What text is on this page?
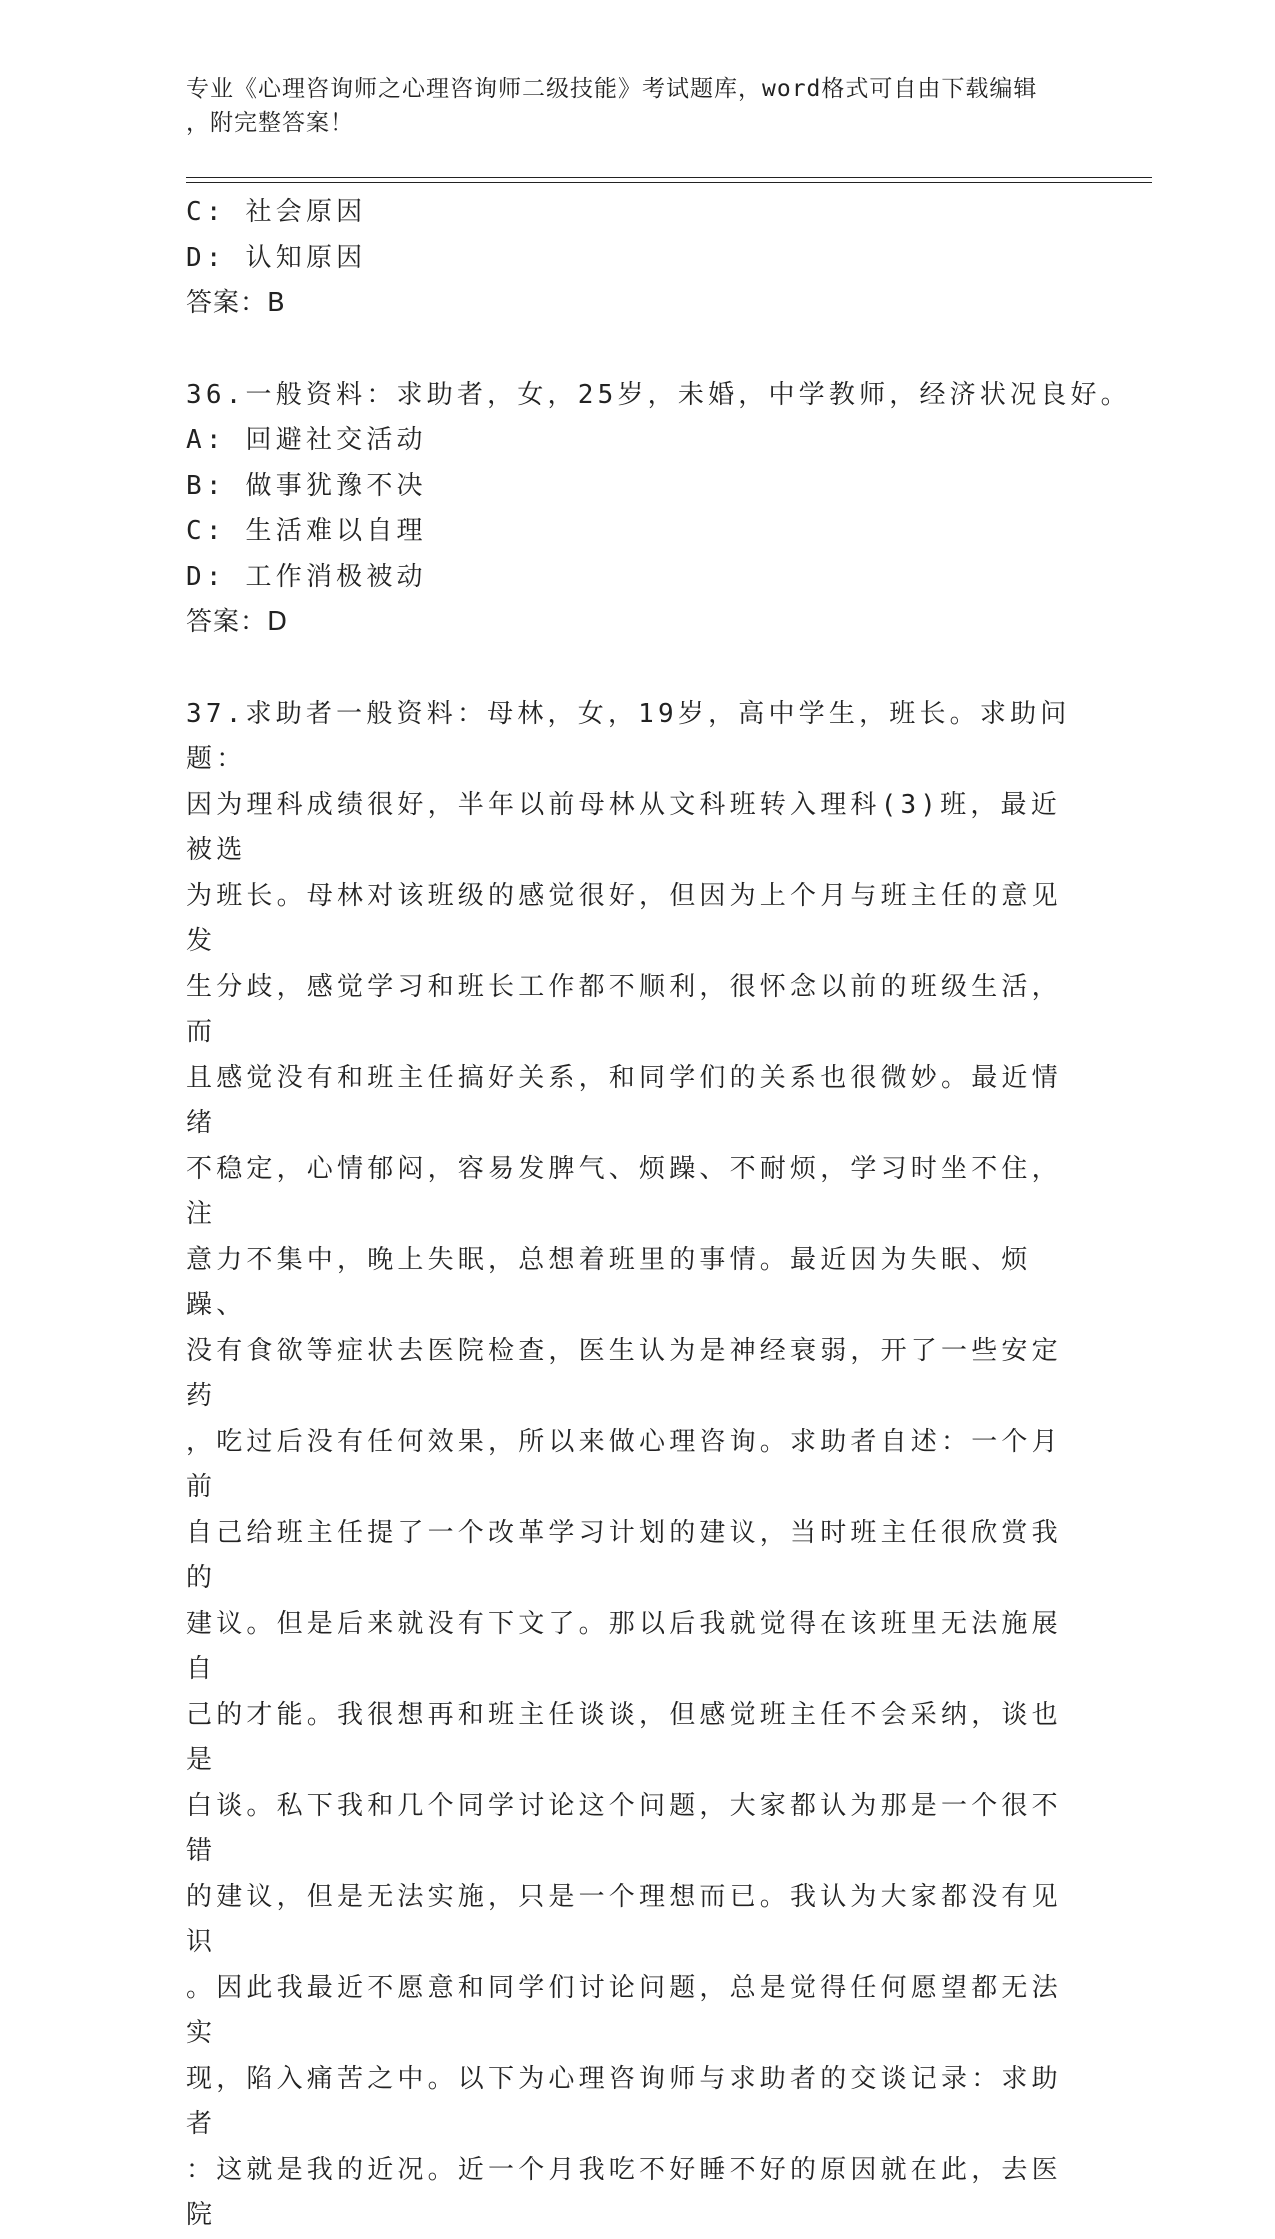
专业《心理咨询师之心理咨询师二级技能》考试题库，word格式可自由下载编辑
，附完整答案！
C: 社会原因
D: 认知原因
答案：B
36.一般资料：求助者，女，25岁，未婚，中学教师，经济状况良好。
A: 回避社交活动
B: 做事犹豫不决
C: 生活难以自理
D: 工作消极被动
答案：D
37.求助者一般资料：母林，女，19岁，高中学生，班长。求助问题：
因为理科成绩很好，半年以前母林从文科班转入理科(3)班，最近被选
为班长。母林对该班级的感觉很好，但因为上个月与班主任的意见发
生分歧，感觉学习和班长工作都不顺利，很怀念以前的班级生活，而
且感觉没有和班主任搞好关系，和同学们的关系也很微妙。最近情绪
不稳定，心情郁闷，容易发脾气、烦躁、不耐烦，学习时坐不住，注
意力不集中，晚上失眠，总想着班里的事情。最近因为失眠、烦躁、
没有食欲等症状去医院检查，医生认为是神经衰弱，开了一些安定药
，吃过后没有任何效果，所以来做心理咨询。求助者自述：一个月前
自己给班主任提了一个改革学习计划的建议，当时班主任很欣赏我的
建议。但是后来就没有下文了。那以后我就觉得在该班里无法施展自
己的才能。我很想再和班主任谈谈，但感觉班主任不会采纳，谈也是
白谈。私下我和几个同学讨论这个问题，大家都认为那是一个很不错
的建议，但是无法实施，只是一个理想而已。我认为大家都没有见识
。因此我最近不愿意和同学们讨论问题，总是觉得任何愿望都无法实
现，陷入痛苦之中。以下为心理咨询师与求助者的交谈记录：求助者
：这就是我的近况。近一个月我吃不好睡不好的原因就在此，去医院
